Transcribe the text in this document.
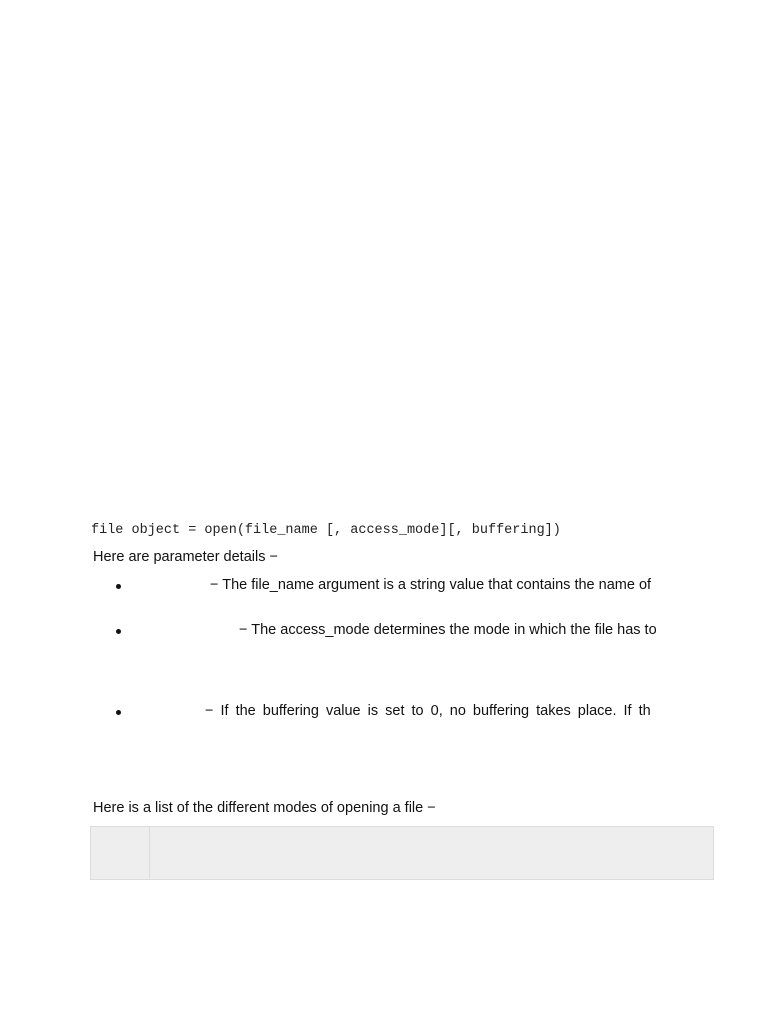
file object = open(file_name [, access_mode][, buffering])
Here are parameter details −
− The file_name argument is a string value that contains the name of
− The access_mode determines the mode in which the file has to
− If the buffering value is set to 0, no buffering takes place. If th
Here is a list of the different modes of opening a file −
